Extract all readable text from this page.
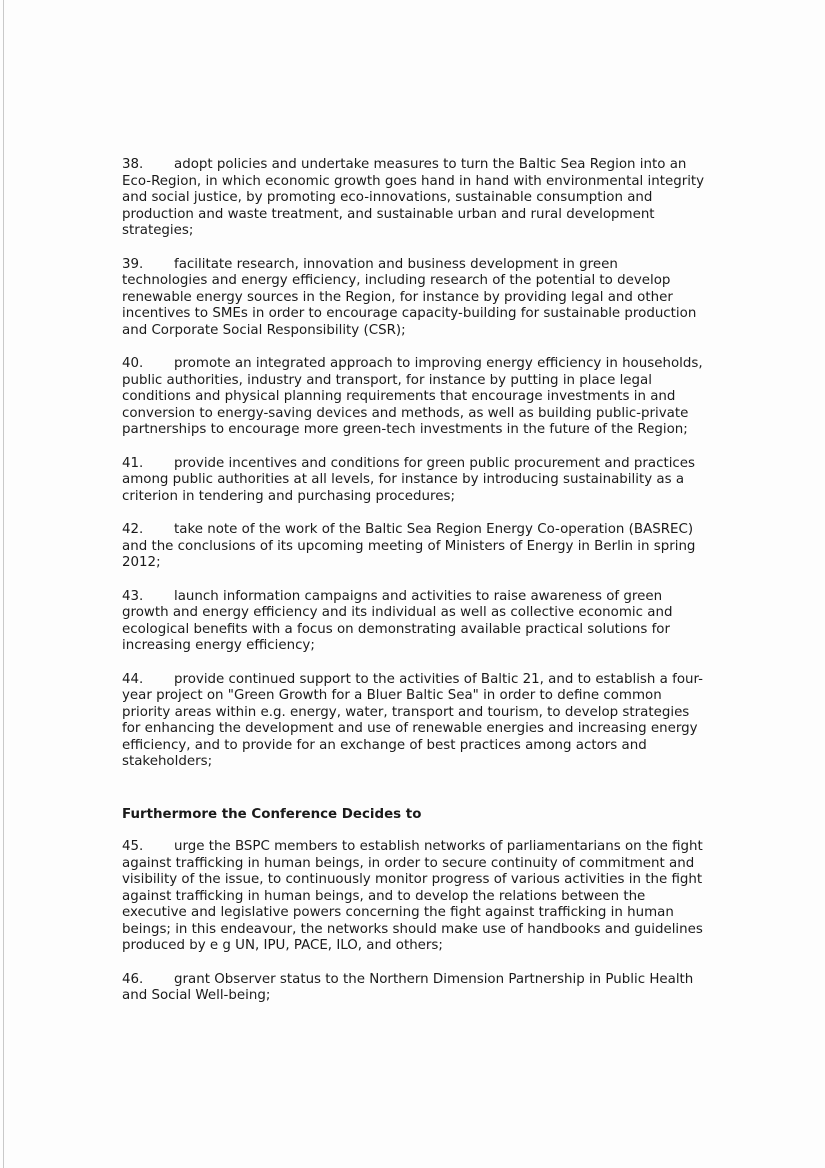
38. adopt policies and undertake measures to turn the Baltic Sea Region into an Eco-Region, in which economic growth goes hand in hand with environmental integrity and social justice, by promoting eco-innovations, sustainable consumption and production and waste treatment, and sustainable urban and rural development strategies;
39. facilitate research, innovation and business development in green technologies and energy efficiency, including research of the potential to develop renewable energy sources in the Region, for instance by providing legal and other incentives to SMEs in order to encourage capacity-building for sustainable production and Corporate Social Responsibility (CSR);
40. promote an integrated approach to improving energy efficiency in households, public authorities, industry and transport, for instance by putting in place legal conditions and physical planning requirements that encourage investments in and conversion to energy-saving devices and methods, as well as building public-private partnerships to encourage more green-tech investments in the future of the Region;
41. provide incentives and conditions for green public procurement and practices among public authorities at all levels, for instance by introducing sustainability as a criterion in tendering and purchasing procedures;
42. take note of the work of the Baltic Sea Region Energy Co-operation (BASREC) and the conclusions of its upcoming meeting of Ministers of Energy in Berlin in spring 2012;
43. launch information campaigns and activities to raise awareness of green growth and energy efficiency and its individual as well as collective economic and ecological benefits with a focus on demonstrating available practical solutions for increasing energy efficiency;
44. provide continued support to the activities of Baltic 21, and to establish a four-year project on "Green Growth for a Bluer Baltic Sea" in order to define common priority areas within e.g. energy, water, transport and tourism, to develop strategies for enhancing the development and use of renewable energies and increasing energy efficiency, and to provide for an exchange of best practices among actors and stakeholders;
Furthermore the Conference Decides to
45. urge the BSPC members to establish networks of parliamentarians on the fight against trafficking in human beings, in order to secure continuity of commitment and visibility of the issue, to continuously monitor progress of various activities in the fight against trafficking in human beings, and to develop the relations between the executive and legislative powers concerning the fight against trafficking in human beings; in this endeavour, the networks should make use of handbooks and guidelines produced by e g UN, IPU, PACE, ILO, and others;
46. grant Observer status to the Northern Dimension Partnership in Public Health and Social Well-being;
